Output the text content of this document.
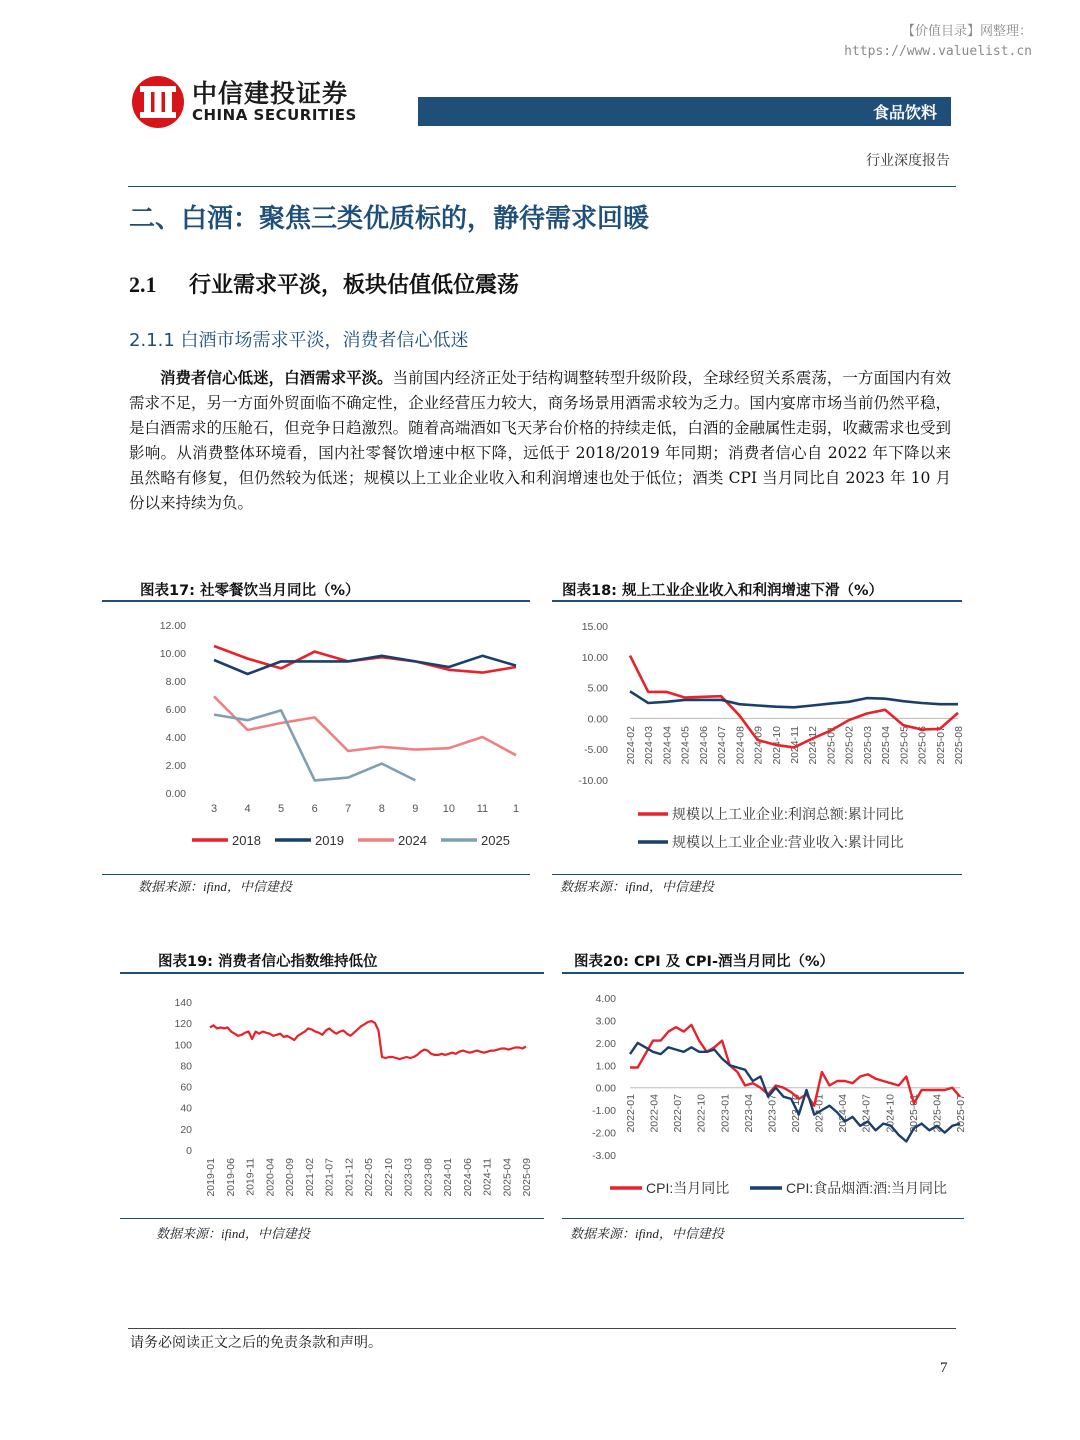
【价值目录】网整理：
https://www.valuelist.cn
中信建投证券
CHINA SECURITIES	食品饮料
行业深度报告
二、白酒：聚焦三类优质标的，静待需求回暖
2.1 行业需求平淡，板块估值低位震荡
2.1.1 白酒市场需求平淡，消费者信心低迷
消费者信心低迷，白酒需求平淡。当前国内经济正处于结构调整转型升级阶段，全球经贸关系震荡，一方面国内有效需求不足，另一方面外贸面临不确定性，企业经营压力较大，商务场景用酒需求较为乏力。国内宴席市场当前仍然平稳，是白酒需求的压舱石，但竞争日趋激烈。随着高端酒如飞天茅台价格的持续走低，白酒的金融属性走弱，收藏需求也受到影响。从消费整体环境看，国内社零餐饮增速中枢下降，远低于 2018/2019 年同期；消费者信心自 2022 年下降以来虽然略有修复，但仍然较为低迷；规模以上工业企业收入和利润增速也处于低位；酒类 CPI 当月同比自 2023 年 10 月份以来持续为负。
图表17: 社零餐饮当月同比（%）
0.00
2.00
4.00
6.00
8.00
10.00
12.00
3 4 5 6 7 8 9 10 11 1
2018	2019	2024	2025
数据来源：ifind，中信建投
图表18: 规上工业企业收入和利润增速下滑（%）
-10.00
-5.00
0.00
5.00
10.00
15.00
2024-02 2024-03 2024-04 2024-05 2024-06 2024-07 2024-08 2024-09 2024-10 2024-11 2024-12 2025-01 2025-02 2025-03 2025-04 2025-05 2025-06 2025-07 2025-08
规模以上工业企业:利润总额:累计同比
规模以上工业企业:营业收入:累计同比
数据来源：ifind，中信建投
图表19: 消费者信心指数维持低位
0
20
40
60
80
100
120
140
2019-01 2019-06 2019-11 2020-04 2020-09 2021-02 2021-07 2021-12 2022-05 2022-10 2023-03 2023-08 2024-01 2024-06 2024-11 2025-04 2025-09
数据来源：ifind，中信建投
图表20: CPI 及 CPI-酒当月同比（%）
-3.00
-2.00
-1.00
0.00
1.00
2.00
3.00
4.00
2022-01 2022-04 2022-07 2022-10 2023-01 2023-04 2023-07 2023-10 2024-01 2024-04 2024-07 2024-10 2025-01 2025-04 2025-07
CPI:当月同比	CPI:食品烟酒:酒:当月同比
数据来源：ifind，中信建投
请务必阅读正文之后的免责条款和声明。
7
